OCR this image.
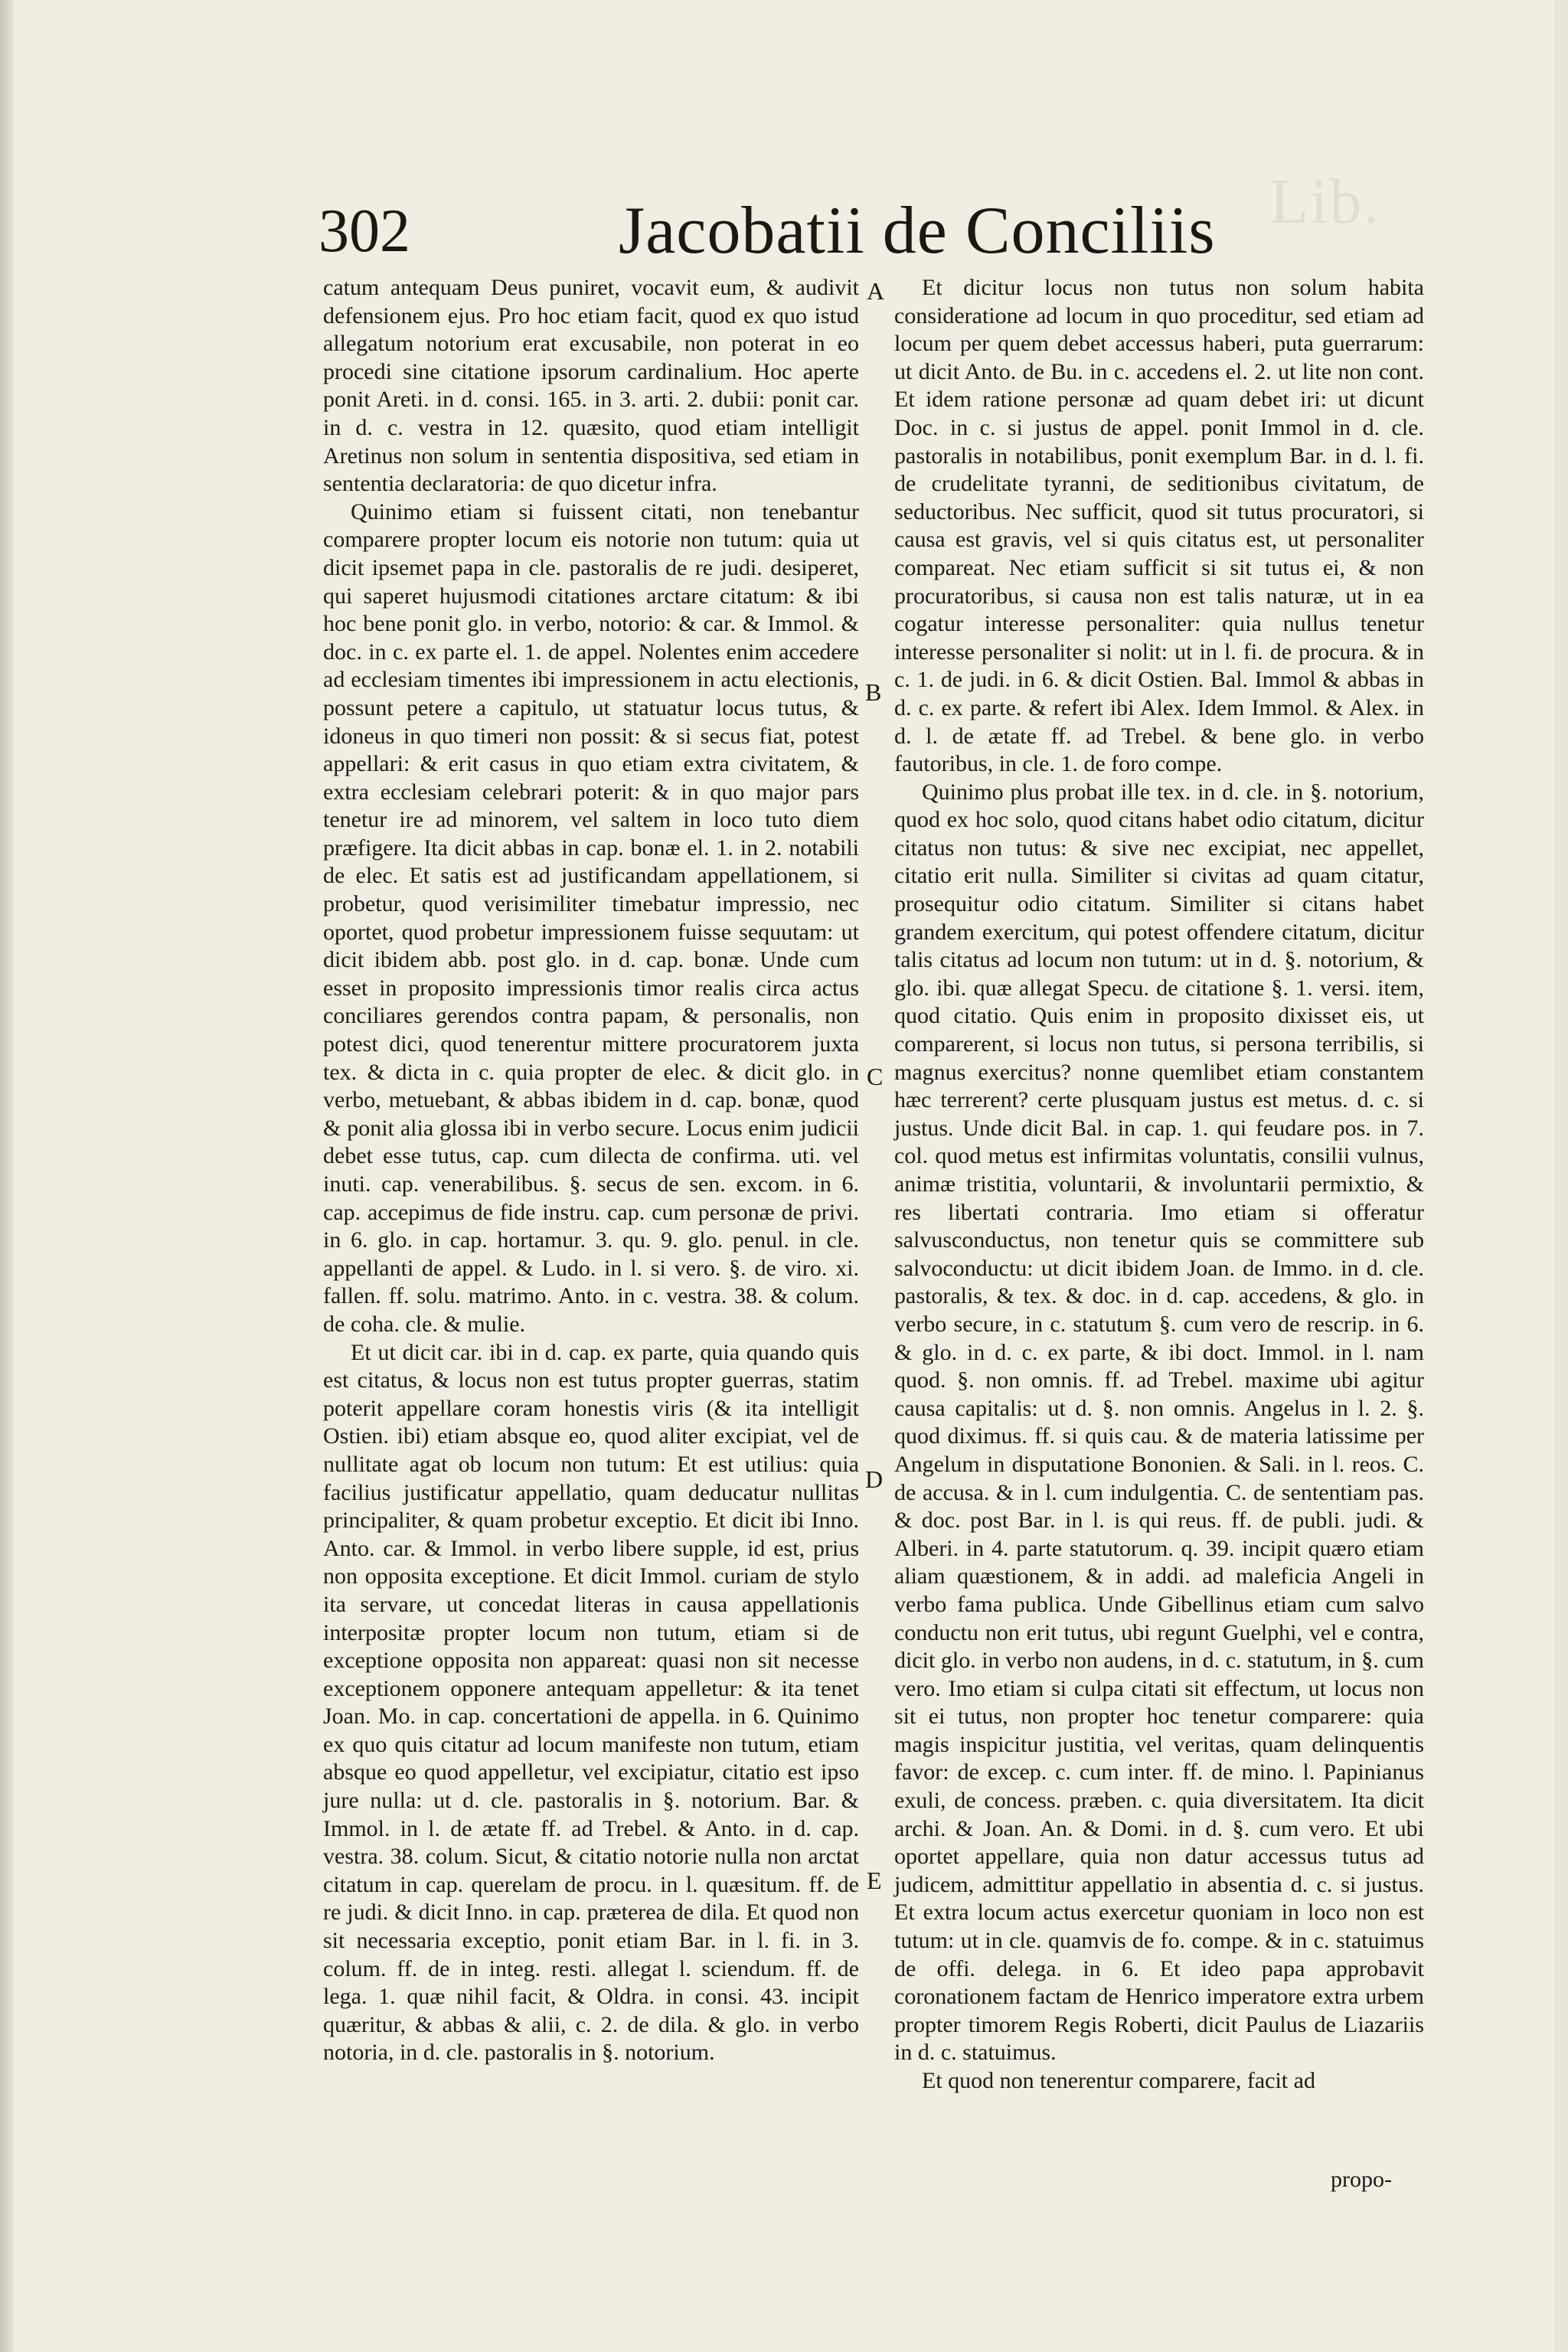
Lib.
302	Jacobatii de Conciliis

catum antequam Deus puniret, vocavit eum, & audivit defensionem ejus. Pro hoc etiam facit, quod ex quo istud allegatum notorium erat excusabile, non poterat in eo procedi sine citatione ipsorum cardinalium. Hoc aperte ponit Areti. in d. consi. 165. in 3. arti. 2. dubii: ponit car. in d. c. vestra in 12. quæsito, quod etiam intelligit Aretinus non solum in sententia dispositiva, sed etiam in sententia declaratoria: de quo dicetur infra.

Quinimo etiam si fuissent citati, non tenebantur comparere propter locum eis notorie non tutum: quia ut dicit ipsemet papa in cle. pastoralis de re judi. desiperet, qui saperet hujusmodi citationes arctare citatum: & ibi hoc bene ponit glo. in verbo, notorio: & car. & Immol. & doc. in c. ex parte el. 1. de appel. Nolentes enim accedere ad ecclesiam timentes ibi impressionem in actu electionis, possunt petere a capitulo, ut statuatur locus tutus, & idoneus in quo timeri non possit: & si secus fiat, potest appellari: & erit casus in quo etiam extra civitatem, & extra ecclesiam celebrari poterit: & in quo major pars tenetur ire ad minorem, vel saltem in loco tuto diem præfigere. Ita dicit abbas in cap. bonæ el. 1. in 2. notabili de elec. Et satis est ad justificandam appellationem, si probetur, quod verisimiliter timebatur impressio, nec oportet, quod probetur impressionem fuisse sequutam: ut dicit ibidem abb. post glo. in d. cap. bonæ. Unde cum esset in proposito impressionis timor realis circa actus conciliares gerendos contra papam, & personalis, non potest dici, quod tenerentur mittere procuratorem juxta tex. & dicta in c. quia propter de elec. & dicit glo. in verbo, metuebant, & abbas ibidem in d. cap. bonæ, quod & ponit alia glossa ibi in verbo secure. Locus enim judicii debet esse tutus, cap. cum dilecta de confirma. uti. vel inuti. cap. venerabilibus. §. secus de sen. excom. in 6. cap. accepimus de fide instru. cap. cum personæ de privi. in 6. glo. in cap. hortamur. 3. qu. 9. glo. penul. in cle. appellanti de appel. & Ludo. in l. si vero. §. de viro. xi. fallen. ff. solu. matrimo. Anto. in c. vestra. 38. & colum. de coha. cle. & mulie.

Et ut dicit car. ibi in d. cap. ex parte, quia quando quis est citatus, & locus non est tutus propter guerras, statim poterit appellare coram honestis viris (& ita intelligit Ostien. ibi) etiam absque eo, quod aliter excipiat, vel de nullitate agat ob locum non tutum: Et est utilius: quia facilius justificatur appellatio, quam deducatur nullitas principaliter, & quam probetur exceptio. Et dicit ibi Inno. Anto. car. & Immol. in verbo libere supple, id est, prius non opposita exceptione. Et dicit Immol. curiam de stylo ita servare, ut concedat literas in causa appellationis interpositæ propter locum non tutum, etiam si de exceptione opposita non appareat: quasi non sit necesse exceptionem opponere antequam appelletur: & ita tenet Joan. Mo. in cap. concertationi de appella. in 6. Quinimo ex quo quis citatur ad locum manifeste non tutum, etiam absque eo quod appelletur, vel excipiatur, citatio est ipso jure nulla: ut d. cle. pastoralis in §. notorium. Bar. & Immol. in l. de ætate ff. ad Trebel. & Anto. in d. cap. vestra. 38. colum. Sicut, & citatio notorie nulla non arctat citatum in cap. querelam de procu. in l. quæsitum. ff. de re judi. & dicit Inno. in cap. præterea de dila. Et quod non sit necessaria exceptio, ponit etiam Bar. in l. fi. in 3. colum. ff. de in integ. resti. allegat l. sciendum. ff. de lega. 1. quæ nihil facit, & Oldra. in consi. 43. incipit quæritur, & abbas & alii, c. 2. de dila. & glo. in verbo notoria, in d. cle. pastoralis in §. notorium.

Et dicitur locus non tutus non solum habita consideratione ad locum in quo proceditur, sed etiam ad locum per quem debet accessus haberi, puta guerrarum: ut dicit Anto. de Bu. in c. accedens el. 2. ut lite non cont. Et idem ratione personæ ad quam debet iri: ut dicunt Doc. in c. si justus de appel. ponit Immol in d. cle. pastoralis in notabilibus, ponit exemplum Bar. in d. l. fi. de crudelitate tyranni, de seditionibus civitatum, de seductoribus. Nec sufficit, quod sit tutus procuratori, si causa est gravis, vel si quis citatus est, ut personaliter compareat. Nec etiam sufficit si sit tutus ei, & non procuratoribus, si causa non est talis naturæ, ut in ea cogatur interesse personaliter: quia nullus tenetur interesse personaliter si nolit: ut in l. fi. de procura. & in c. 1. de judi. in 6. & dicit Ostien. Bal. Immol & abbas in d. c. ex parte. & refert ibi Alex. Idem Immol. & Alex. in d. l. de ætate ff. ad Trebel. & bene glo. in verbo fautoribus, in cle. 1. de foro compe.

Quinimo plus probat ille tex. in d. cle. in §. notorium, quod ex hoc solo, quod citans habet odio citatum, dicitur citatus non tutus: & sive nec excipiat, nec appellet, citatio erit nulla. Similiter si civitas ad quam citatur, prosequitur odio citatum. Similiter si citans habet grandem exercitum, qui potest offendere citatum, dicitur talis citatus ad locum non tutum: ut in d. §. notorium, & glo. ibi. quæ allegat Specu. de citatione §. 1. versi. item, quod citatio. Quis enim in proposito dixisset eis, ut comparerent, si locus non tutus, si persona terribilis, si magnus exercitus? nonne quemlibet etiam constantem hæc terrerent? certe plusquam justus est metus. d. c. si justus. Unde dicit Bal. in cap. 1. qui feudare pos. in 7. col. quod metus est infirmitas voluntatis, consilii vulnus, animæ tristitia, voluntarii, & involuntarii permixtio, & res libertati contraria. Imo etiam si offeratur salvusconductus, non tenetur quis se committere sub salvoconductu: ut dicit ibidem Joan. de Immo. in d. cle. pastoralis, & tex. & doc. in d. cap. accedens, & glo. in verbo secure, in c. statutum §. cum vero de rescrip. in 6. & glo. in d. c. ex parte, & ibi doct. Immol. in l. nam quod. §. non omnis. ff. ad Trebel. maxime ubi agitur causa capitalis: ut d. §. non omnis. Angelus in l. 2. §. quod diximus. ff. si quis cau. & de materia latissime per Angelum in disputatione Bononien. & Sali. in l. reos. C. de accusa. & in l. cum indulgentia. C. de sententiam pas. & doc. post Bar. in l. is qui reus. ff. de publi. judi. & Alberi. in 4. parte statutorum. q. 39. incipit quæro etiam aliam quæstionem, & in addi. ad maleficia Angeli in verbo fama publica. Unde Gibellinus etiam cum salvo conductu non erit tutus, ubi regunt Guelphi, vel e contra, dicit glo. in verbo non audens, in d. c. statutum, in §. cum vero. Imo etiam si culpa citati sit effectum, ut locus non sit ei tutus, non propter hoc tenetur comparere: quia magis inspicitur justitia, vel veritas, quam delinquentis favor: de excep. c. cum inter. ff. de mino. l. Papinianus exuli, de concess. præben. c. quia diversitatem. Ita dicit archi. & Joan. An. & Domi. in d. §. cum vero. Et ubi oportet appellare, quia non datur accessus tutus ad judicem, admittitur appellatio in absentia d. c. si justus. Et extra locum actus exercetur quoniam in loco non est tutum: ut in cle. quamvis de fo. compe. & in c. statuimus de offi. delega. in 6. Et ideo papa approbavit coronationem factam de Henrico imperatore extra urbem propter timorem Regis Roberti, dicit Paulus de Liazariis in d. c. statuimus.

Et quod non tenerentur comparere, facit ad

A
B
C
D
E
propo-
